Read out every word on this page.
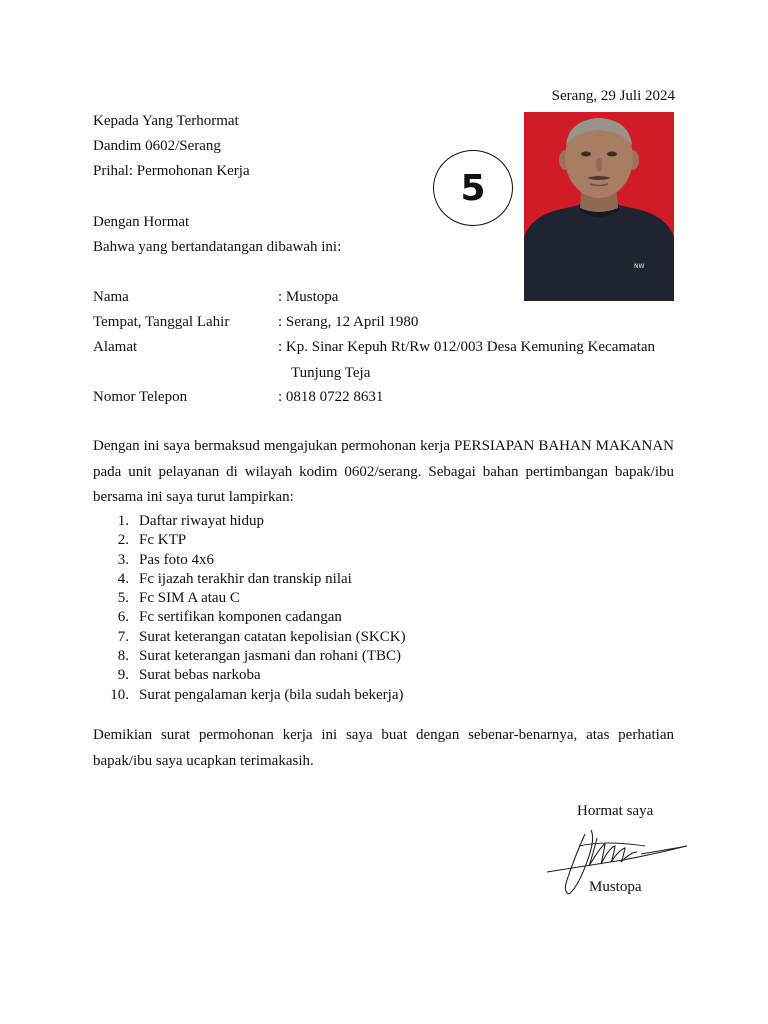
Serang, 29 Juli 2024
Kepada Yang Terhormat
Dandim 0602/Serang
Prihal: Permohonan Kerja	5
NW
Dengan Hormat
Bahwa yang bertandatangan dibawah ini:
Nama	: Mustopa
Tempat, Tanggal Lahir	: Serang, 12 April 1980
Alamat	: Kp. Sinar Kepuh Rt/Rw 012/003 Desa Kemuning Kecamatan
Tunjung Teja
Nomor Telepon	: 0818 0722 8631
Dengan ini saya bermaksud mengajukan permohonan kerja PERSIAPAN BAHAN MAKANAN pada unit pelayanan di wilayah kodim 0602/serang. Sebagai bahan pertimbangan bapak/ibu bersama ini saya turut lampirkan:
1. Daftar riwayat hidup
2. Fc KTP
3. Pas foto 4x6
4. Fc ijazah terakhir dan transkip nilai
5. Fc SIM A atau C
6. Fc sertifikan komponen cadangan
7. Surat keterangan catatan kepolisian (SKCK)
8. Surat keterangan jasmani dan rohani (TBC)
9. Surat bebas narkoba
10. Surat pengalaman kerja (bila sudah bekerja)
Demikian surat permohonan kerja ini saya buat dengan sebenar-benarnya, atas perhatian bapak/ibu saya ucapkan terimakasih.
Hormat saya
Mustopa
